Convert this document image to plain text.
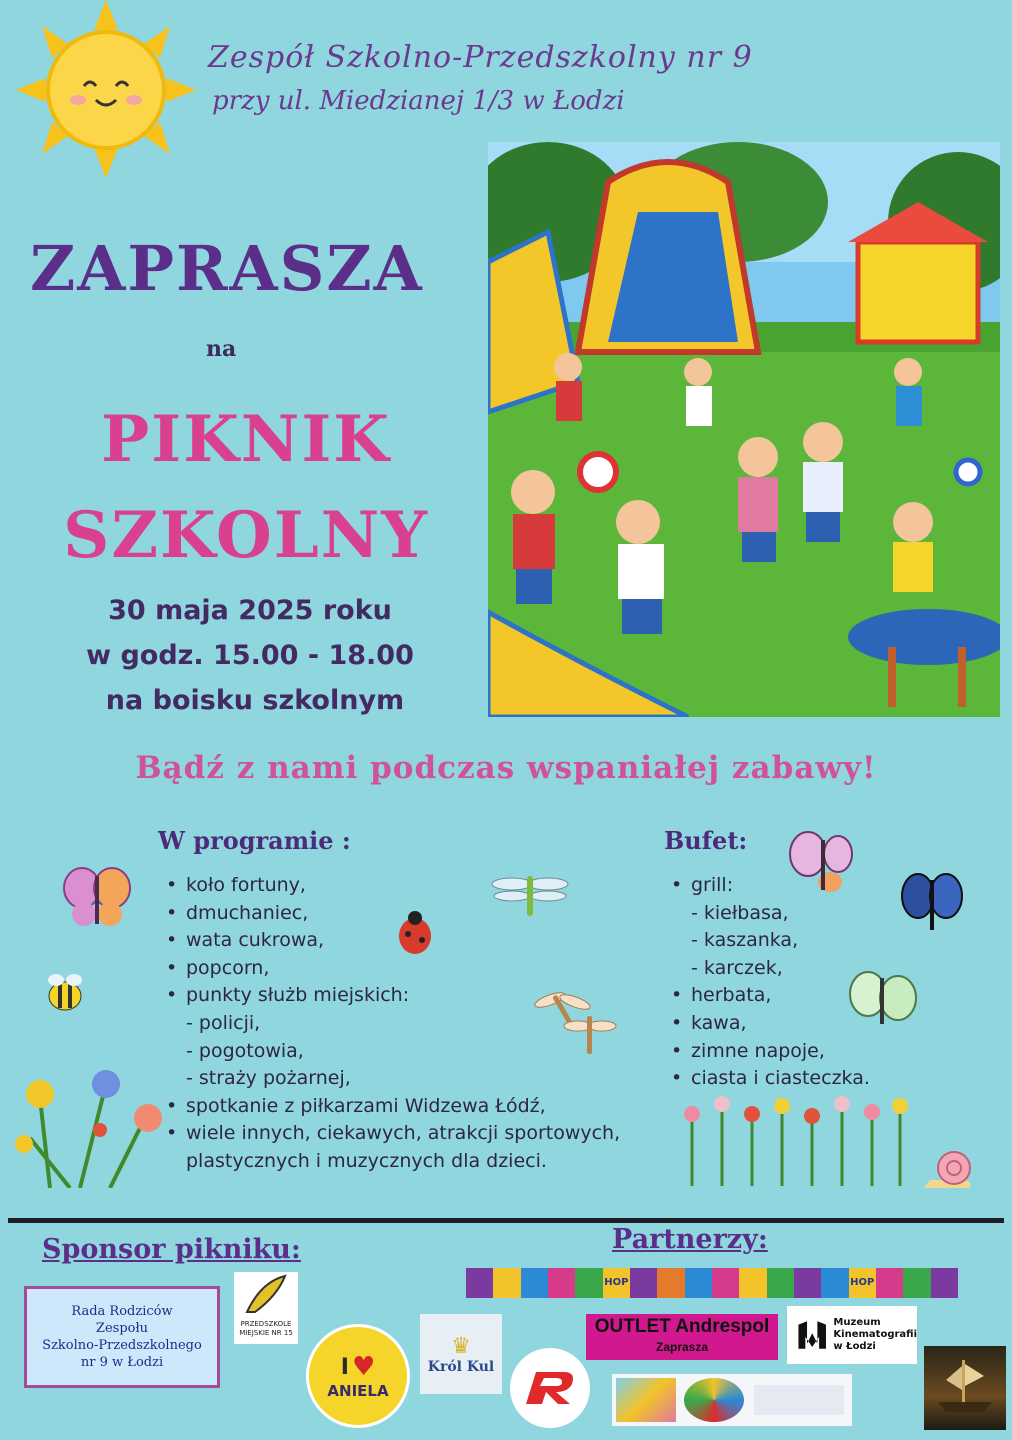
Zespół Szkolno-Przedszkolny nr 9
przy ul. Miedzianej 1/3 w Łodzi
ZAPRASZA
na
PIKNIK
SZKOLNY
30 maja 2025 roku
w godz. 15.00 - 18.00
na boisku szkolnym
Bądź z nami podczas wspaniałej zabawy!
W programie :
• koło fortuny,
• dmuchaniec,
• wata cukrowa,
• popcorn,
• punkty służb miejskich:
- policji,
- pogotowia,
- straży pożarnej,
• spotkanie z piłkarzami Widzewa Łódź,
• wiele innych, ciekawych, atrakcji sportowych,
plastycznych i muzycznych dla dzieci.
Bufet:
• grill:
- kiełbasa,
- kaszanka,
- karczek,
• herbata,
• kawa,
• zimne napoje,
• ciasta i ciasteczka.
Sponsor pikniku:	Partnerzy:
Rada Rodziców
Zespołu
Szkolno-Przedszkolnego
nr 9 w Łodzi
HOP	HOP
PRZEDSZKOLE
MIEJSKIE NR 15
I ♥
ANIELA
♛
Król Kul
OUTLET Andrespol
Zaprasza
Muzeum
Kinematografii
w Łodzi
